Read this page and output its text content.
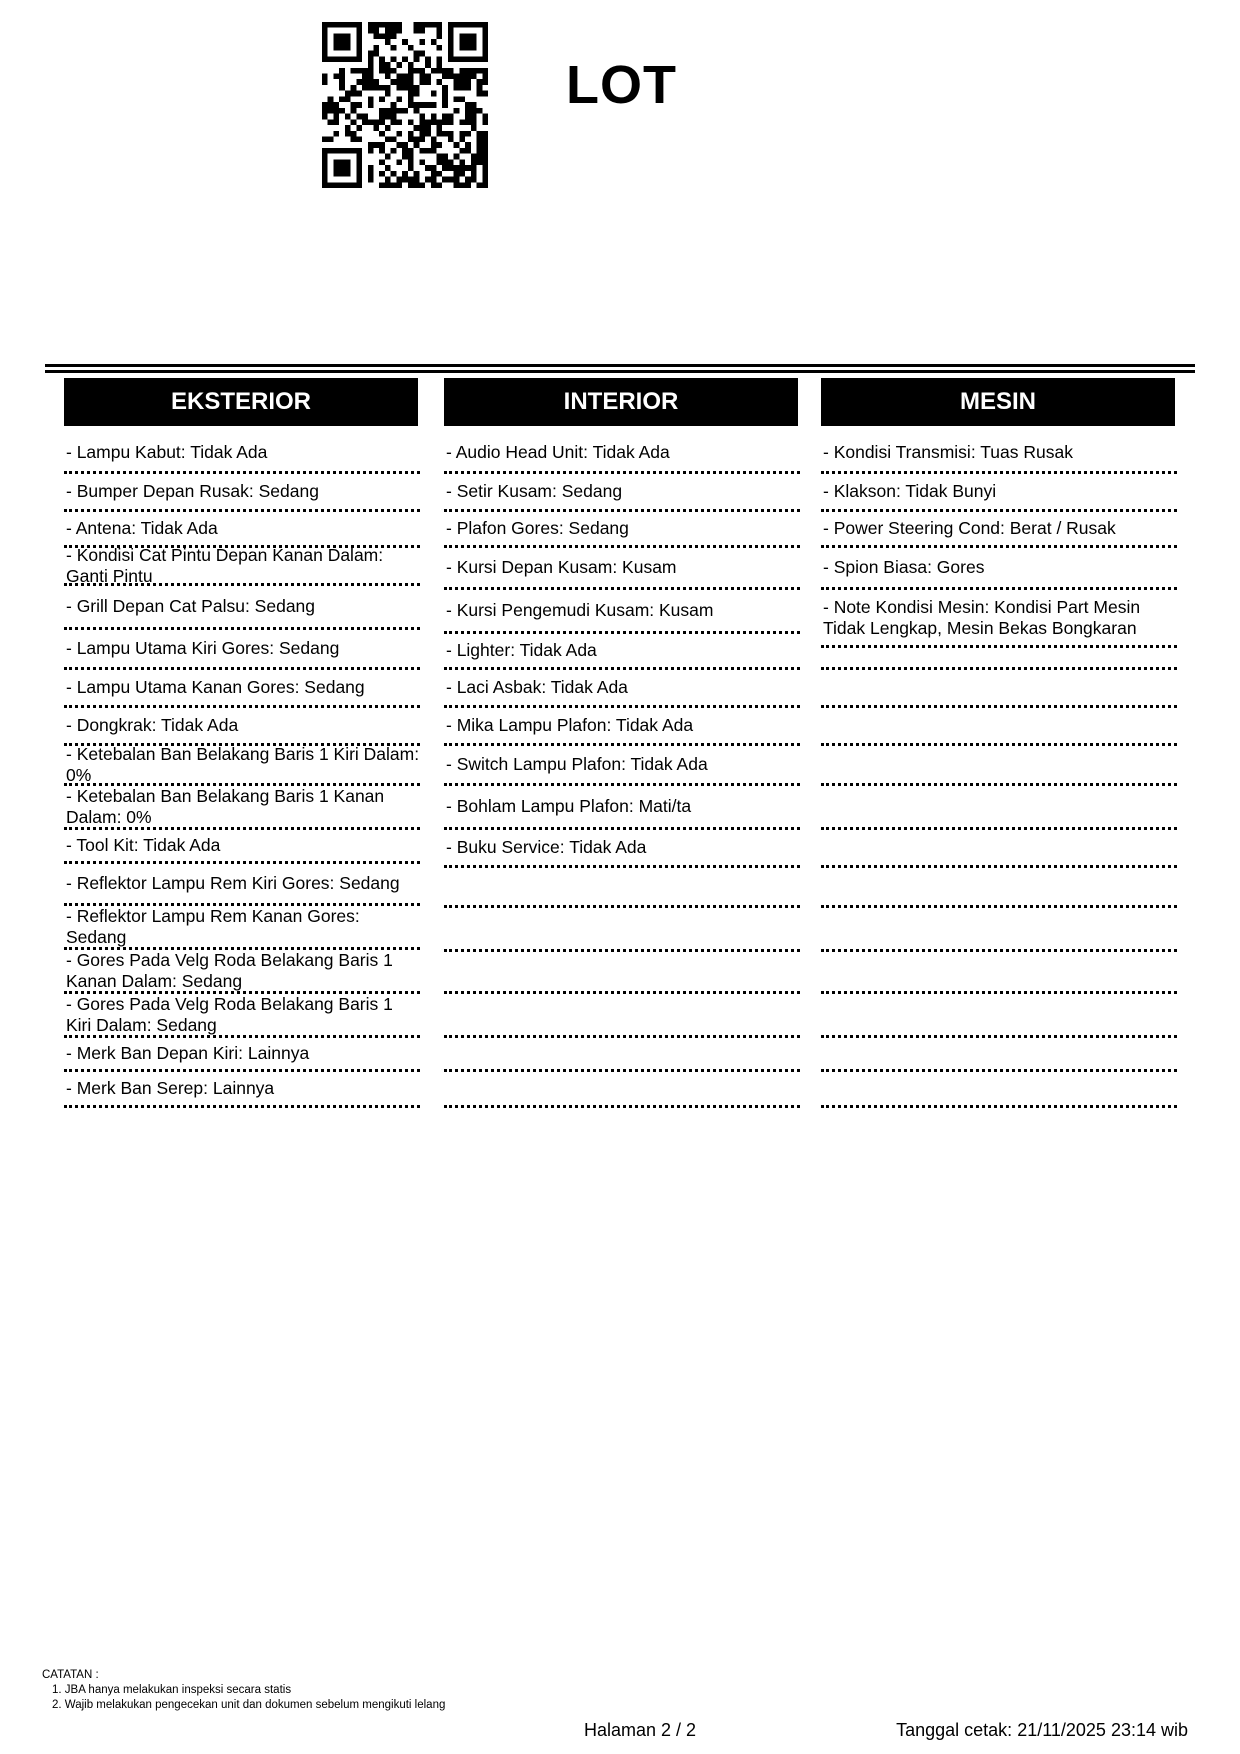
LOT
EKSTERIOR
- Lampu Kabut: Tidak Ada
- Bumper Depan Rusak: Sedang
- Antena: Tidak Ada
- Kondisi Cat Pintu Depan Kanan Dalam: Ganti Pintu
- Grill Depan Cat Palsu: Sedang
- Lampu Utama Kiri Gores: Sedang
- Lampu Utama Kanan Gores: Sedang
- Dongkrak: Tidak Ada
- Ketebalan Ban Belakang Baris 1 Kiri Dalam: 0%
- Ketebalan Ban Belakang Baris 1 Kanan Dalam: 0%
- Tool Kit: Tidak Ada
- Reflektor Lampu Rem Kiri Gores: Sedang
- Reflektor Lampu Rem Kanan Gores: Sedang
- Gores Pada Velg Roda Belakang Baris 1 Kanan Dalam: Sedang
- Gores Pada Velg Roda Belakang Baris 1 Kiri Dalam: Sedang
- Merk Ban Depan Kiri: Lainnya
- Merk Ban Serep: Lainnya
INTERIOR
- Audio Head Unit: Tidak Ada
- Setir Kusam: Sedang
- Plafon Gores: Sedang
- Kursi Depan Kusam: Kusam
- Kursi Pengemudi Kusam: Kusam
- Lighter: Tidak Ada
- Laci Asbak: Tidak Ada
- Mika Lampu Plafon: Tidak Ada
- Switch Lampu Plafon: Tidak Ada
- Bohlam Lampu Plafon: Mati/ta
- Buku Service: Tidak Ada
MESIN
- Kondisi Transmisi: Tuas Rusak
- Klakson: Tidak Bunyi
- Power Steering Cond: Berat / Rusak
- Spion Biasa: Gores
- Note Kondisi Mesin: Kondisi Part Mesin Tidak Lengkap, Mesin Bekas Bongkaran
CATATAN :
1. JBA hanya melakukan inspeksi secara statis
2. Wajib melakukan pengecekan unit dan dokumen sebelum mengikuti lelang
Halaman 2 / 2	Tanggal cetak: 21/11/2025 23:14 wib
